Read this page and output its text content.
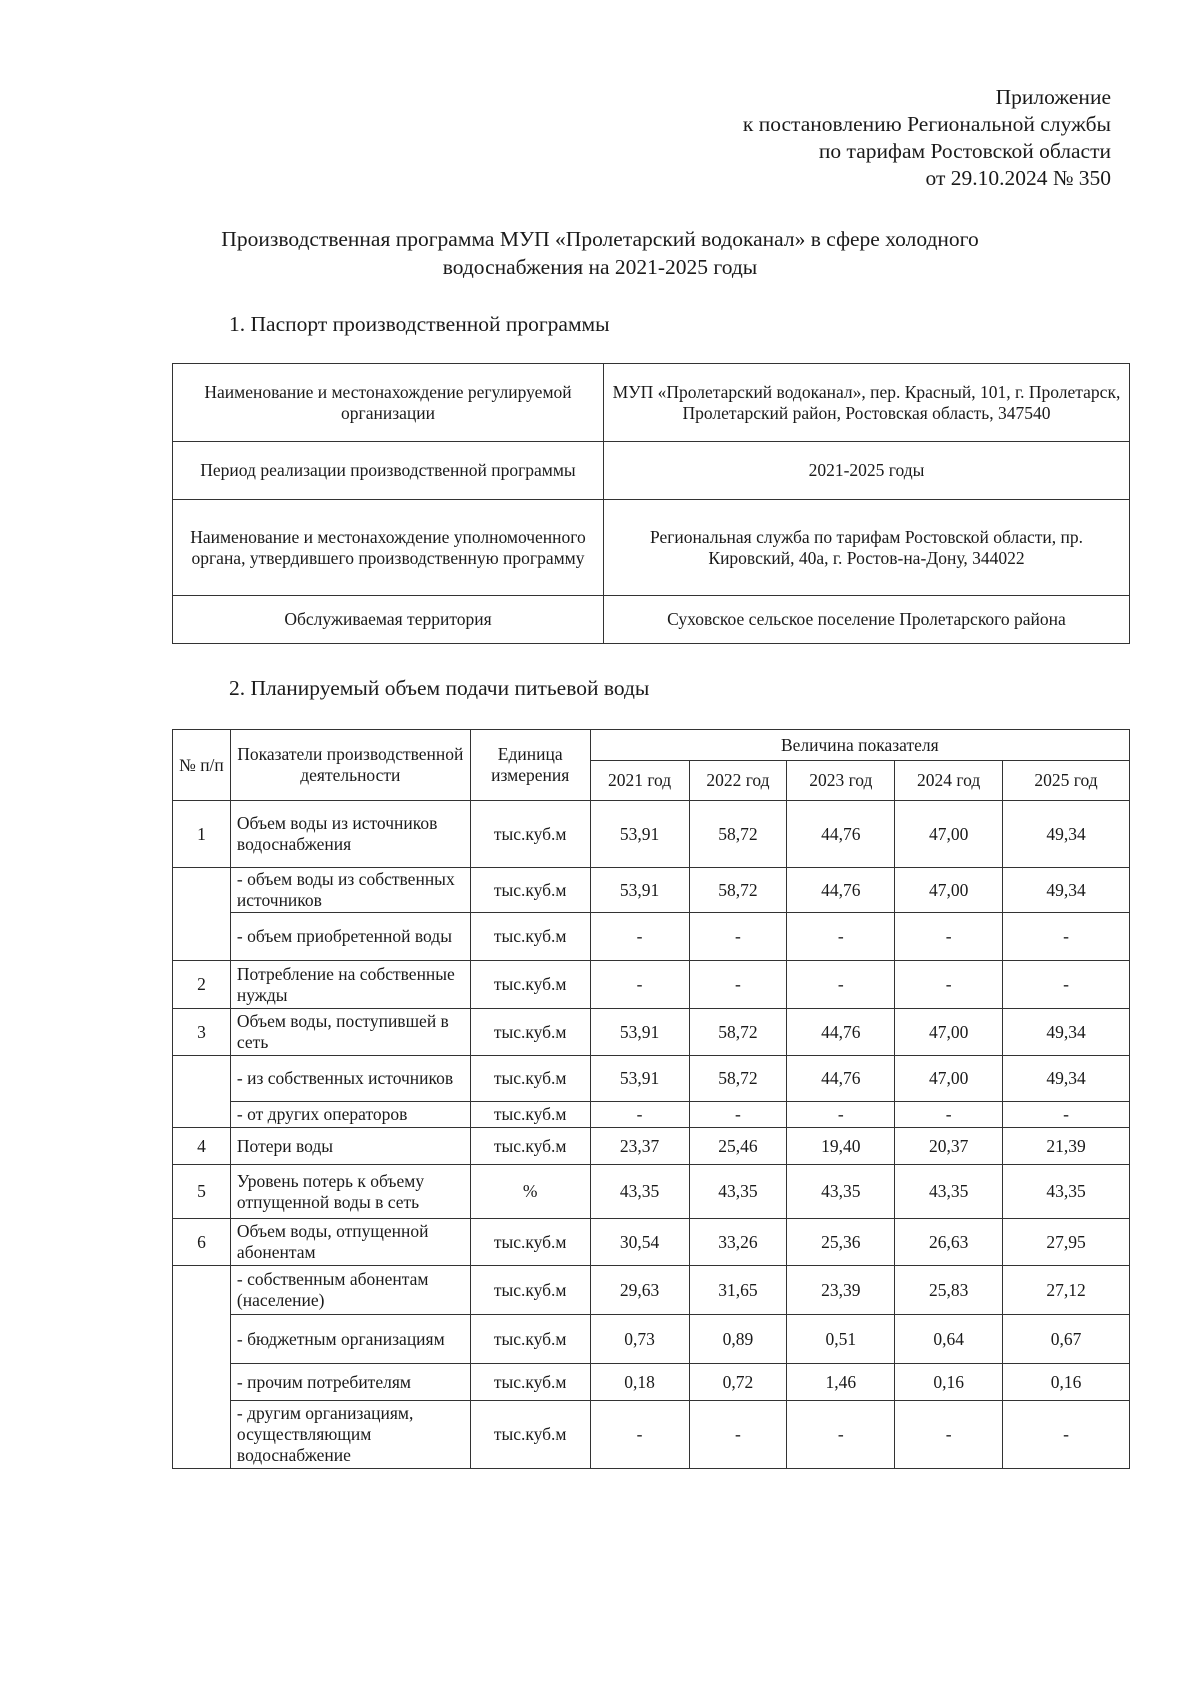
Приложение
к постановлению Региональной службы
по тарифам Ростовской области
от 29.10.2024 № 350
Производственная программа МУП «Пролетарский водоканал» в сфере холодного
водоснабжения на 2021-2025 годы
1. Паспорт производственной программы
Наименование и местонахождение регулируемой организации	МУП «Пролетарский водоканал», пер. Красный, 101, г. Пролетарск, Пролетарский район, Ростовская область, 347540
Период реализации производственной программы	2021-2025 годы
Наименование и местонахождение уполномоченного органа, утвердившего производственную программу	Региональная служба по тарифам Ростовской области, пр. Кировский, 40а, г. Ростов-на-Дону, 344022
Обслуживаемая территория	Суховское сельское поселение Пролетарского района
2. Планируемый объем подачи питьевой воды
№ п/п	Показатели производственной деятельности	Единица измерения	Величина показателя				
			2021 год	2022 год	2023 год	2024 год	2025 год
1	Объем воды из источников водоснабжения	тыс.куб.м	53,91	58,72	44,76	47,00	49,34
	- объем воды из собственных источников	тыс.куб.м	53,91	58,72	44,76	47,00	49,34
	- объем приобретенной воды	тыс.куб.м	-	-	-	-	-
2	Потребление на собственные нужды	тыс.куб.м	-	-	-	-	-
3	Объем воды, поступившей в сеть	тыс.куб.м	53,91	58,72	44,76	47,00	49,34
	- из собственных источников	тыс.куб.м	53,91	58,72	44,76	47,00	49,34
	- от других операторов	тыс.куб.м	-	-	-	-	-
4	Потери воды	тыс.куб.м	23,37	25,46	19,40	20,37	21,39
5	Уровень потерь к объему отпущенной воды в сеть	%	43,35	43,35	43,35	43,35	43,35
6	Объем воды, отпущенной абонентам	тыс.куб.м	30,54	33,26	25,36	26,63	27,95
	- собственным абонентам (население)	тыс.куб.м	29,63	31,65	23,39	25,83	27,12
	- бюджетным организациям	тыс.куб.м	0,73	0,89	0,51	0,64	0,67
	- прочим потребителям	тыс.куб.м	0,18	0,72	1,46	0,16	0,16
	- другим организациям, осуществляющим водоснабжение	тыс.куб.м	-	-	-	-	-
